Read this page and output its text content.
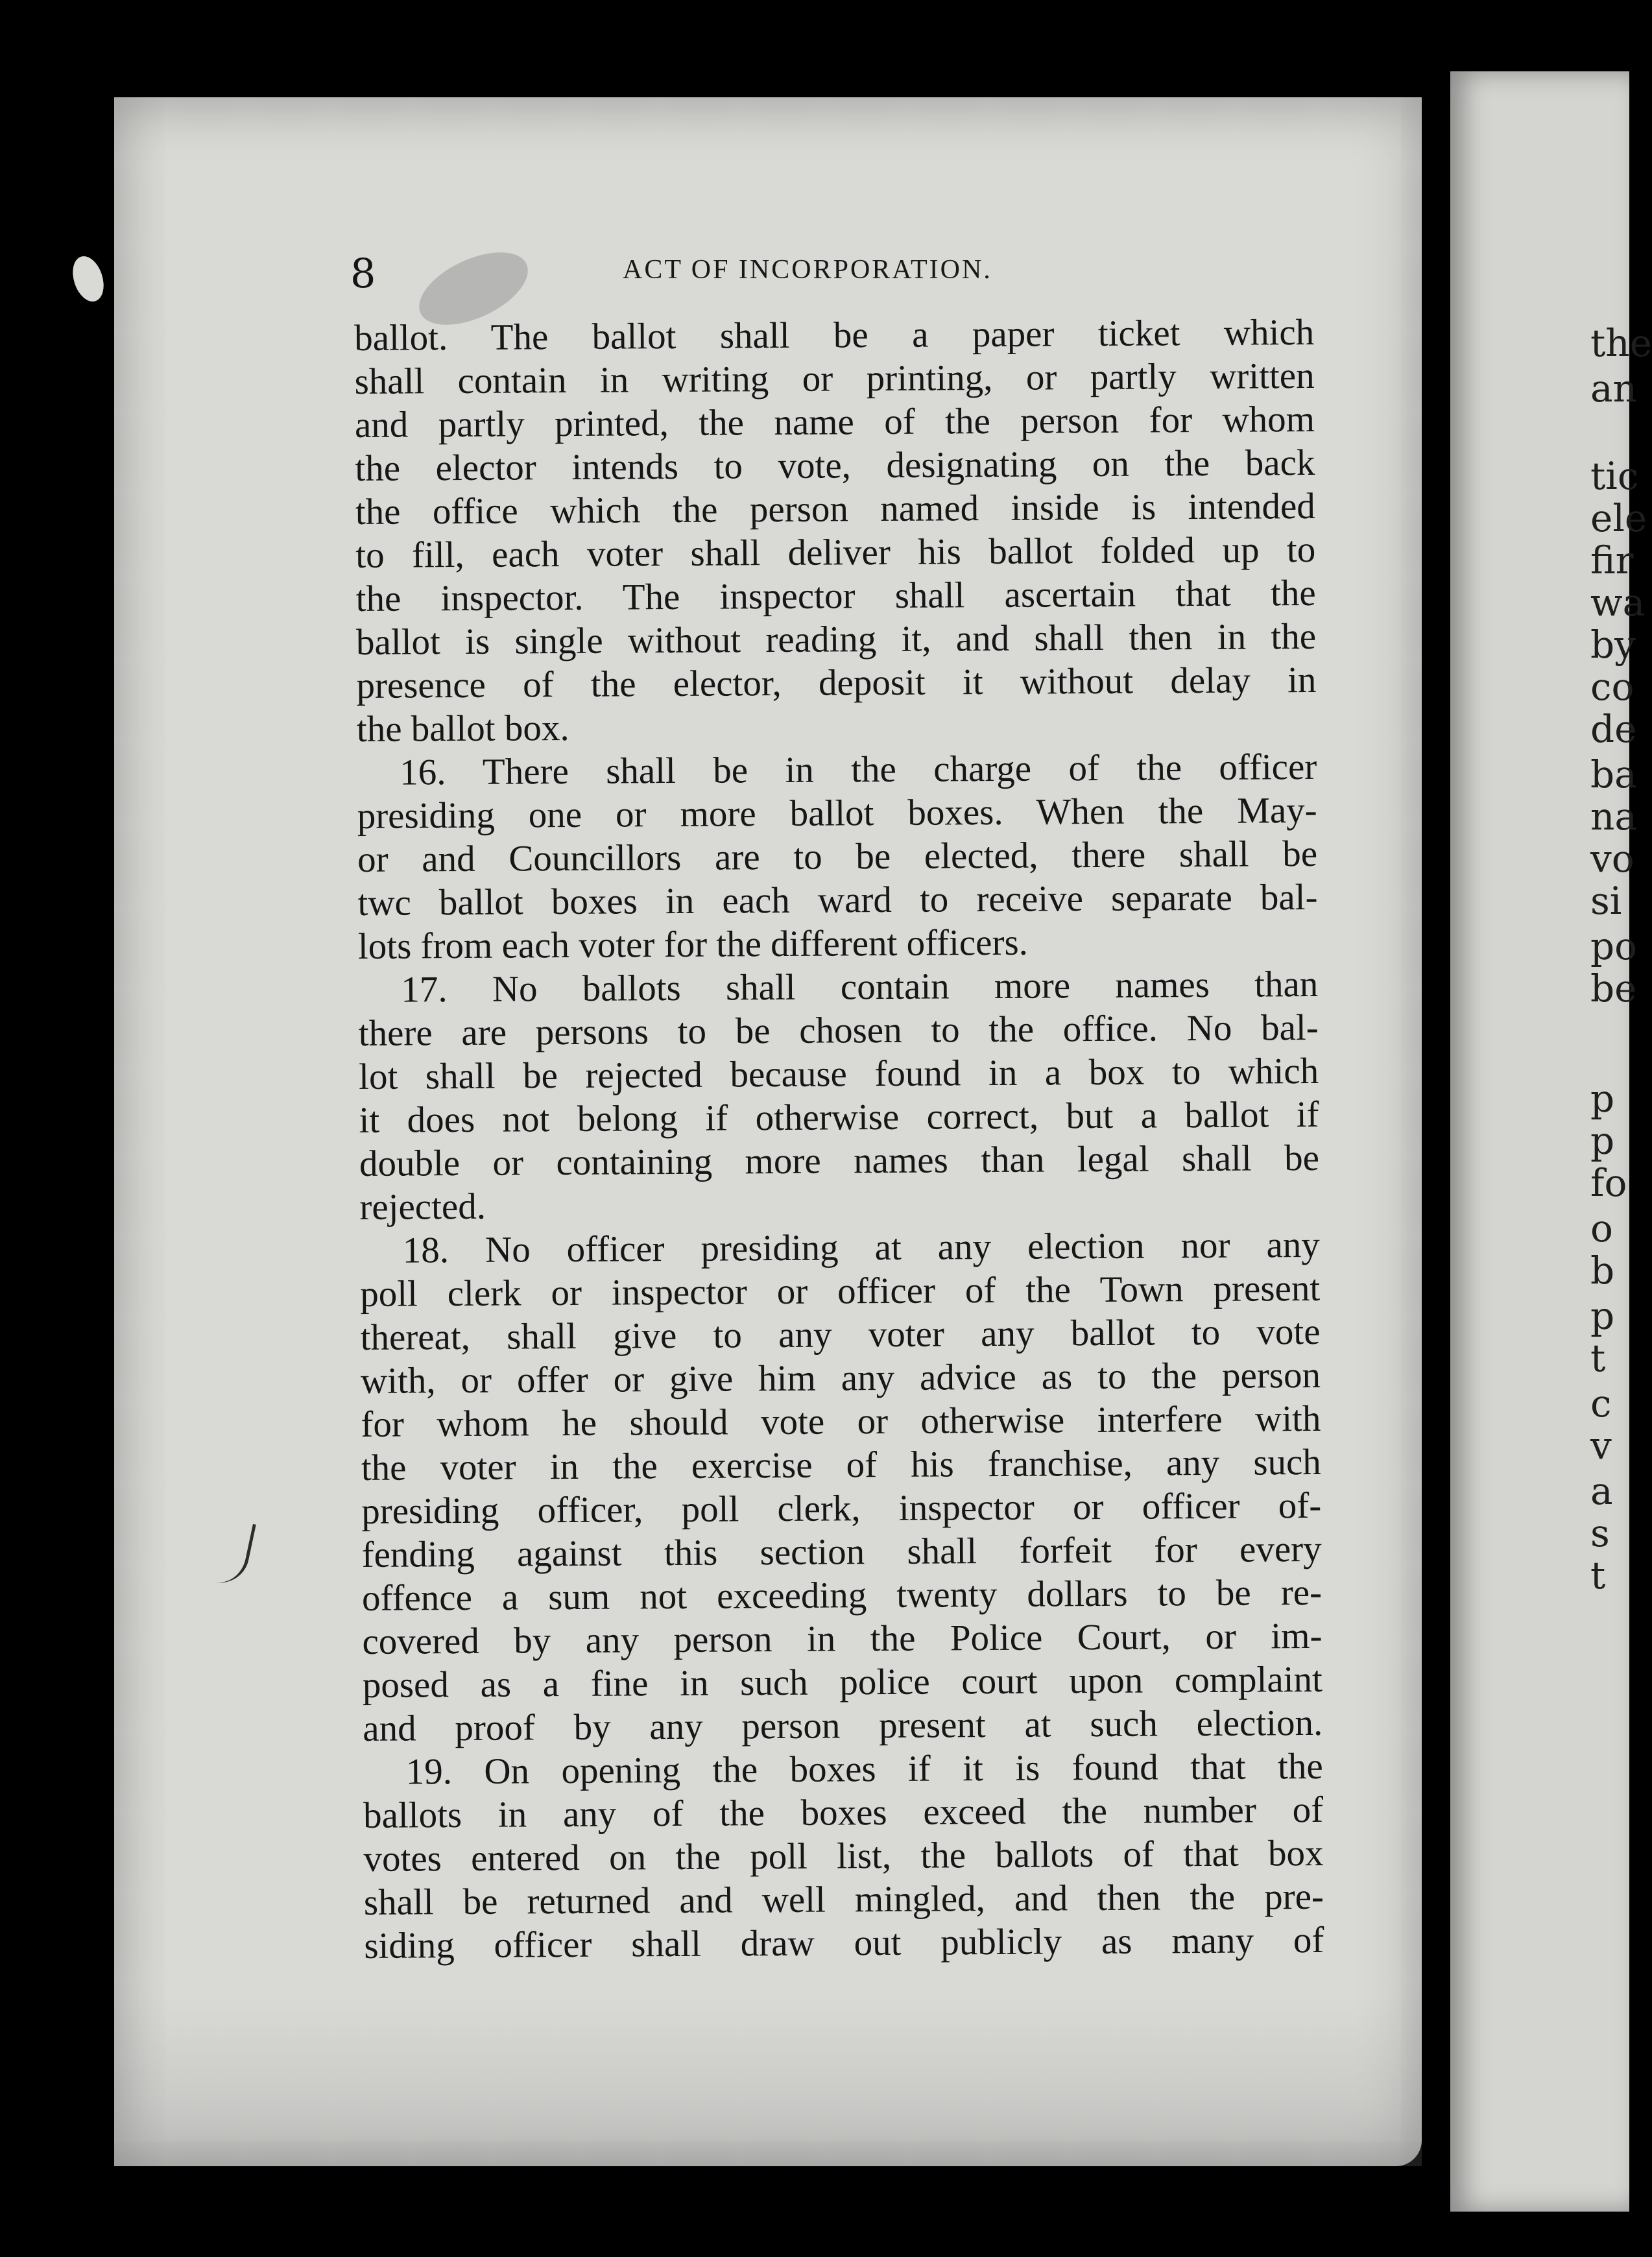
the
an
tic
ele
fir
wa
by
co
de
ba
na
vo
si
po
be
p
p
fo
o
b
p
t
c
v
a
s
t
8	ACT OF INCORPORATION.
ballot. The ballot shall be a paper ticket which
shall contain in writing or printing, or partly written
and partly printed, the name of the person for whom
the elector intends to vote, designating on the back
the office which the person named inside is intended
to fill, each voter shall deliver his ballot folded up to
the inspector. The inspector shall ascertain that the
ballot is single without reading it, and shall then in the
presence of the elector, deposit it without delay in
the ballot box.
16. There shall be in the charge of the officer
presiding one or more ballot boxes. When the May-
or and Councillors are to be elected, there shall be
twc ballot boxes in each ward to receive separate bal-
lots from each voter for the different officers.
17. No ballots shall contain more names than
there are persons to be chosen to the office. No bal-
lot shall be rejected because found in a box to which
it does not belong if otherwise correct, but a ballot if
double or containing more names than legal shall be
rejected.
18. No officer presiding at any election nor any
poll clerk or inspector or officer of the Town present
thereat, shall give to any voter any ballot to vote
with, or offer or give him any advice as to the person
for whom he should vote or otherwise interfere with
the voter in the exercise of his franchise, any such
presiding officer, poll clerk, inspector or officer of-
fending against this section shall forfeit for every
offence a sum not exceeding twenty dollars to be re-
covered by any person in the Police Court, or im-
posed as a fine in such police court upon complaint
and proof by any person present at such election.
19. On opening the boxes if it is found that the
ballots in any of the boxes exceed the number of
votes entered on the poll list, the ballots of that box
shall be returned and well mingled, and then the pre-
siding officer shall draw out publicly as many of
